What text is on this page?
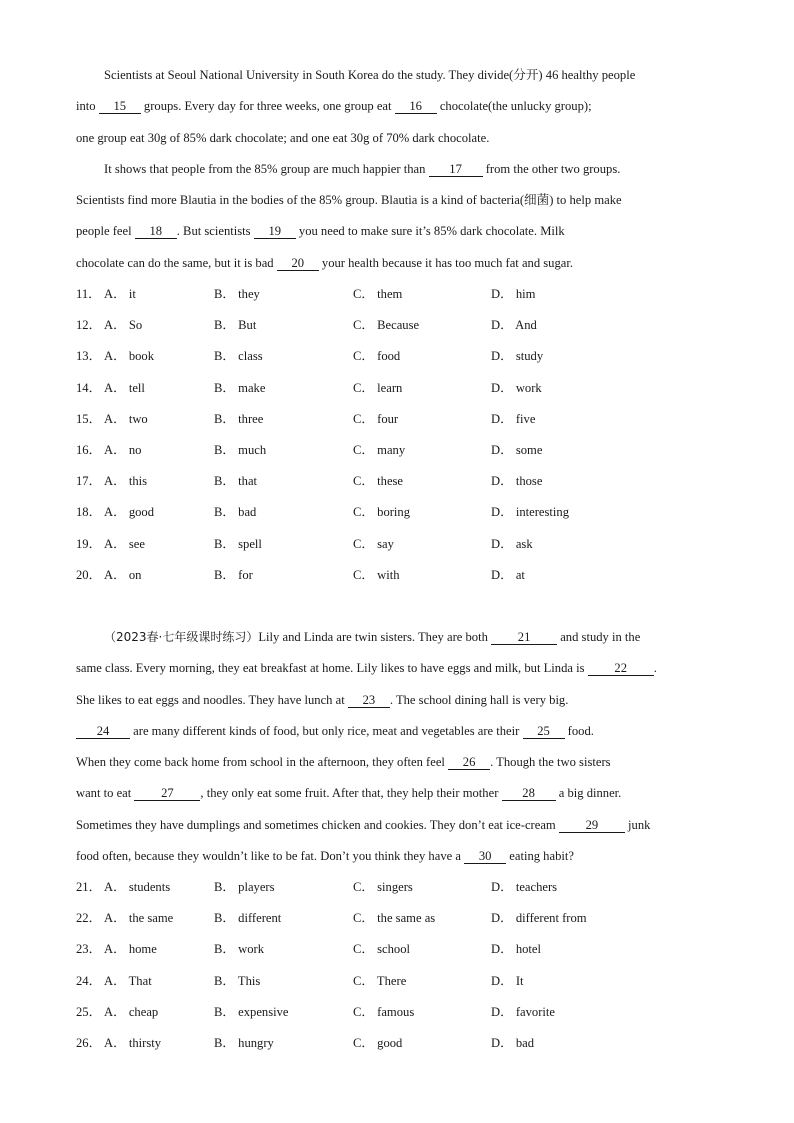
Scientists at Seoul National University in South Korea do the study. They divide(分开) 46 healthy people
into 15 groups. Every day for three weeks, one group eat 16 chocolate(the unlucky group);
one group eat 30g of 85% dark chocolate; and one eat 30g of 70% dark chocolate.
It shows that people from the 85% group are much happier than 17 from the other two groups.
Scientists find more Blautia in the bodies of the 85% group. Blautia is a kind of bacteria(细菌) to help make
people feel 18 . But scientists 19 you need to make sure it’s 85% dark chocolate. Milk
chocolate can do the same, but it is bad 20 your health because it has too much fat and sugar.
11． A． it	B． they	C． them	D． him
12． A． So	B． But	C． Because	D． And
13． A． book	B． class	C． food	D． study
14． A． tell	B． make	C． learn	D． work
15． A． two	B． three	C． four	D． five
16． A． no	B． much	C． many	D． some
17． A． this	B． that	C． these	D． those
18． A． good	B． bad	C． boring	D． interesting
19． A． see	B． spell	C． say	D． ask
20． A． on	B． for	C． with	D． at
（2023春·七年级课时练习）Lily and Linda are twin sisters. They are both 21 and study in the
same class. Every morning, they eat breakfast at home. Lily likes to have eggs and milk, but Linda is 22 .
She likes to eat eggs and noodles. They have lunch at 23 . The school dining hall is very big.
24 are many different kinds of food, but only rice, meat and vegetables are their 25 food.
When they come back home from school in the afternoon, they often feel 26 . Though the two sisters
want to eat 27 , they only eat some fruit. After that, they help their mother 28 a big dinner.
Sometimes they have dumplings and sometimes chicken and cookies. They don’t eat ice-cream 29 junk
food often, because they wouldn’t like to be fat. Don’t you think they have a 30 eating habit?
21． A． students	B． players	C． singers	D． teachers
22． A． the same	B． different	C． the same as	D． different from
23． A． home	B． work	C． school	D． hotel
24． A． That	B． This	C． There	D． It
25． A． cheap	B． expensive	C． famous	D． favorite
26． A． thirsty	B． hungry	C． good	D． bad
